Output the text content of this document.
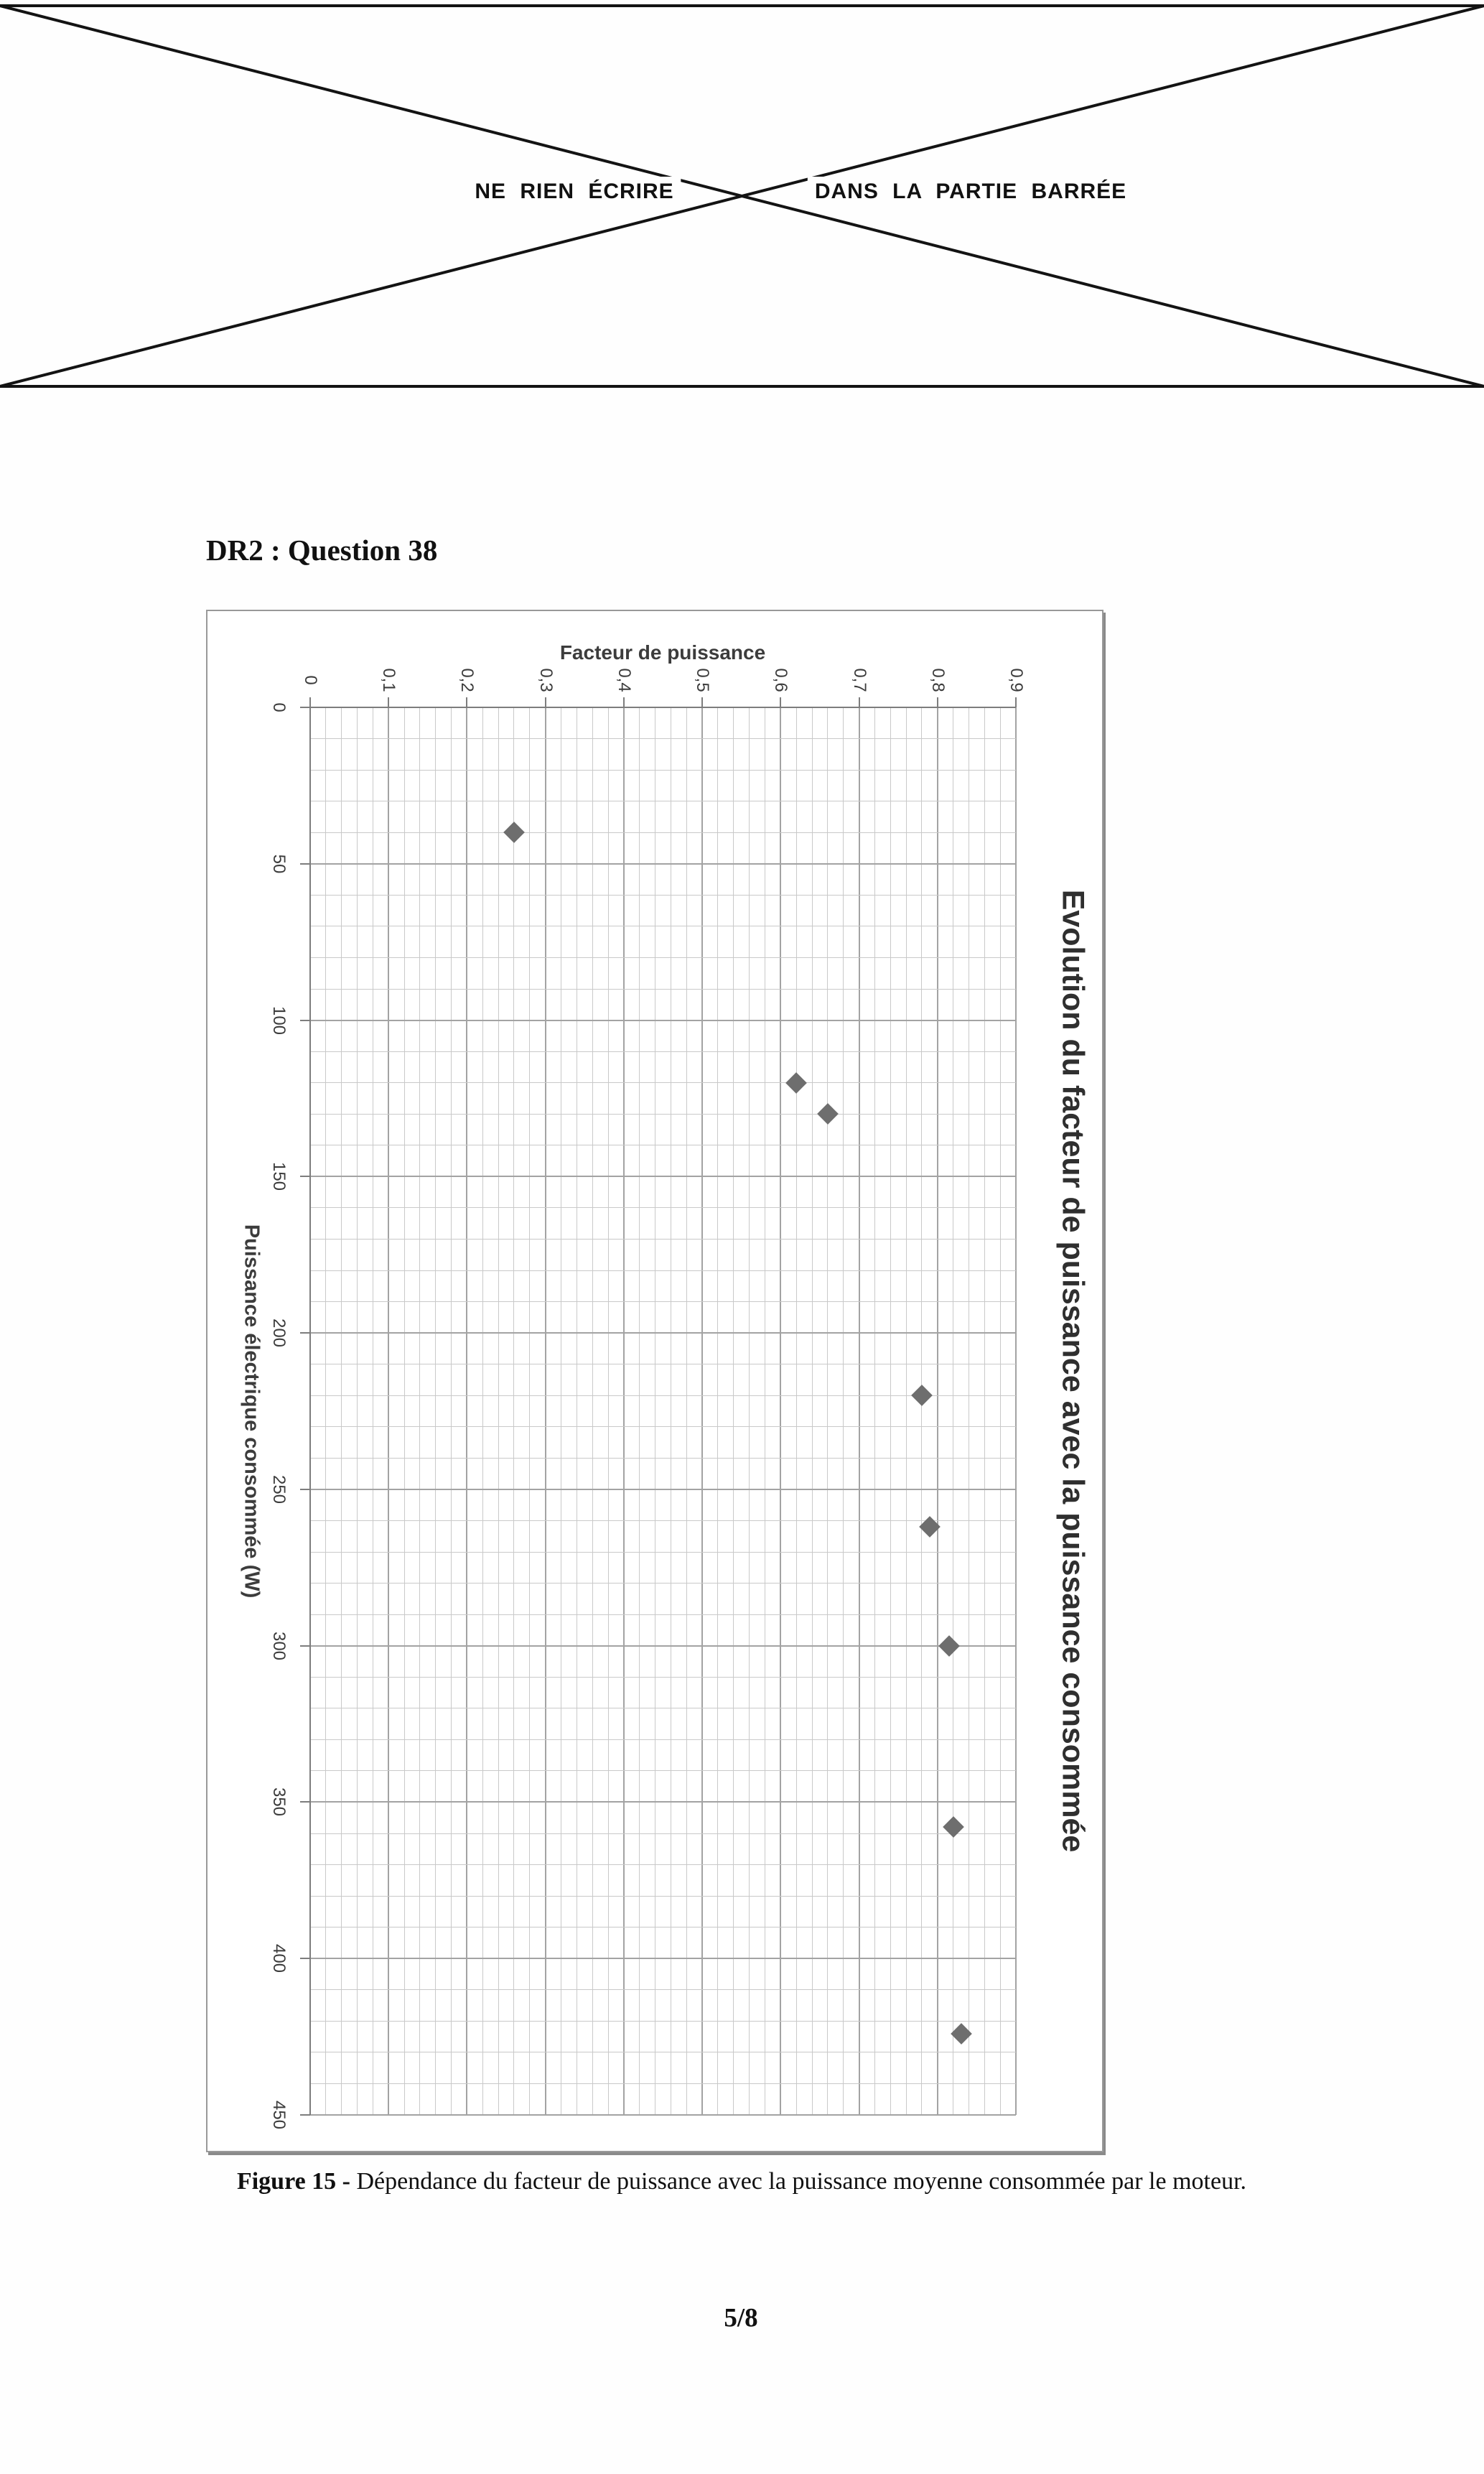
NE RIEN ÉCRIRE	DANS LA PARTIE BARRÉE
DR2 : Question 38
Facteur de puissance
0	0,1	0,2	0,3	0,4	0,5	0,6	0,7	0,8	0,9
0
50
100
150
200
250
300
350
400
450
Puissance électrique consommée (W)	Evolution du facteur de puissance avec la puissance consommée
Figure 15 - Dépendance du facteur de puissance avec la puissance moyenne consommée par le moteur.
5/8
